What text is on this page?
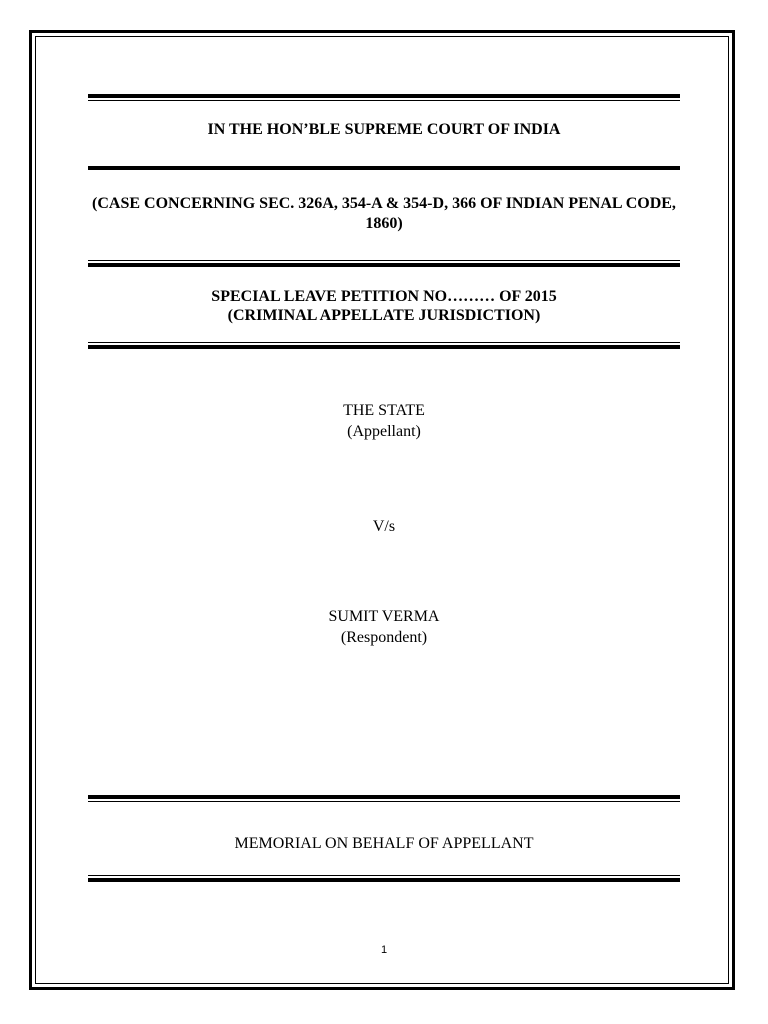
IN THE HON’BLE SUPREME COURT OF INDIA
(CASE CONCERNING SEC. 326A, 354-A & 354-D, 366 OF INDIAN PENAL CODE, 1860)
SPECIAL LEAVE PETITION NO……… OF 2015
(CRIMINAL APPELLATE JURISDICTION)
THE STATE
(Appellant)
V/s
SUMIT VERMA
(Respondent)
MEMORIAL ON BEHALF OF APPELLANT
1
